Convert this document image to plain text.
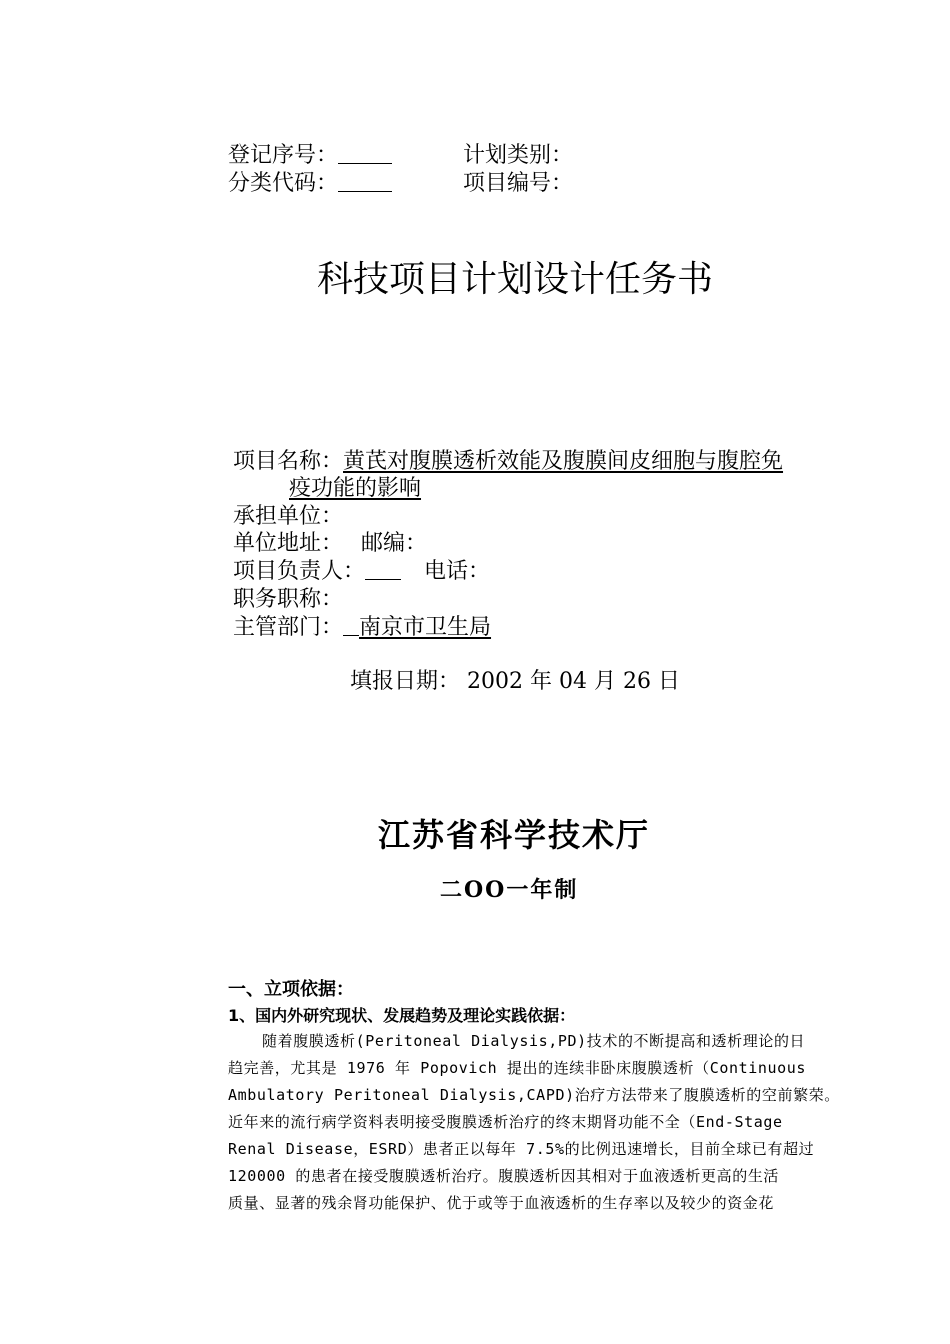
登记序号：	计划类别：
分类代码：	项目编号：
科技项目计划设计任务书
项目名称：黄芪对腹膜透析效能及腹膜间皮细胞与腹腔免
疫功能的影响
承担单位：
单位地址： 邮编：
项目负责人：	电话：
职务职称：
主管部门： 南京市卫生局
填报日期： 2002 年 04 月 26 日
江苏省科学技术厅
二OO一年制
一、立项依据：
1、国内外研究现状、发展趋势及理论实践依据：
随着腹膜透析(Peritoneal Dialysis,PD)技术的不断提高和透析理论的日
趋完善，尤其是 1976 年 Popovich 提出的连续非卧床腹膜透析（Continuous
Ambulatory Peritoneal Dialysis,CAPD)治疗方法带来了腹膜透析的空前繁荣。
近年来的流行病学资料表明接受腹膜透析治疗的终末期肾功能不全（End-Stage
Renal Disease，ESRD）患者正以每年 7.5%的比例迅速增长，目前全球已有超过
120000 的患者在接受腹膜透析治疗。腹膜透析因其相对于血液透析更高的生活
质量、显著的残余肾功能保护、优于或等于血液透析的生存率以及较少的资金花
